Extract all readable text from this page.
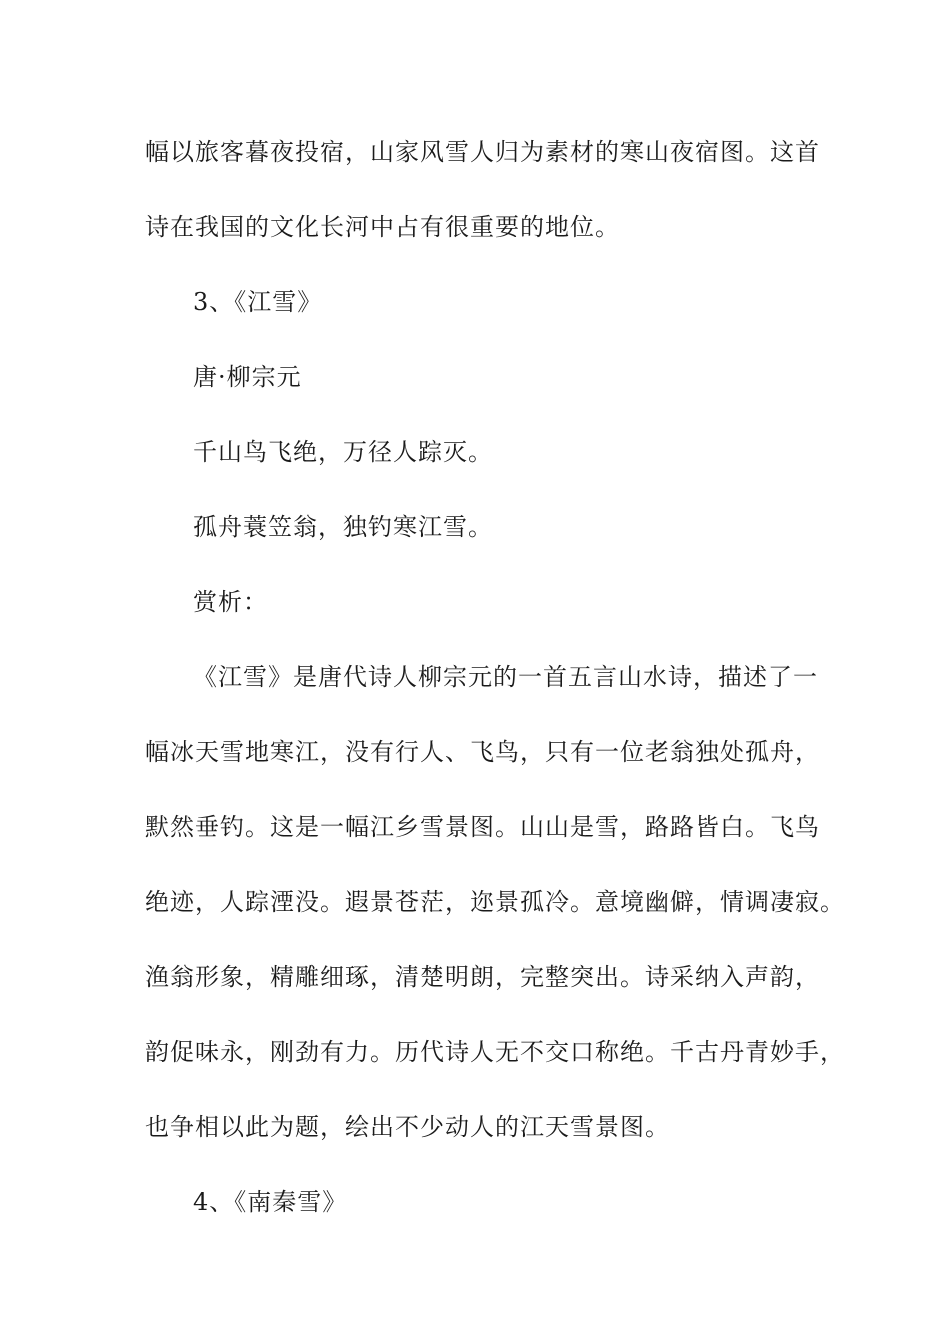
幅以旅客暮夜投宿，山家风雪人归为素材的寒山夜宿图。这首
诗在我国的文化长河中占有很重要的地位。
3、《江雪》
唐·柳宗元
千山鸟飞绝，万径人踪灭。
孤舟蓑笠翁，独钓寒江雪。
赏析：
《江雪》是唐代诗人柳宗元的一首五言山水诗，描述了一
幅冰天雪地寒江，没有行人、飞鸟，只有一位老翁独处孤舟，
默然垂钓。这是一幅江乡雪景图。山山是雪，路路皆白。飞鸟
绝迹，人踪湮没。遐景苍茫，迩景孤冷。意境幽僻，情调凄寂。
渔翁形象，精雕细琢，清楚明朗，完整突出。诗采纳入声韵，
韵促味永，刚劲有力。历代诗人无不交口称绝。千古丹青妙手，
也争相以此为题，绘出不少动人的江天雪景图。
4、《南秦雪》
